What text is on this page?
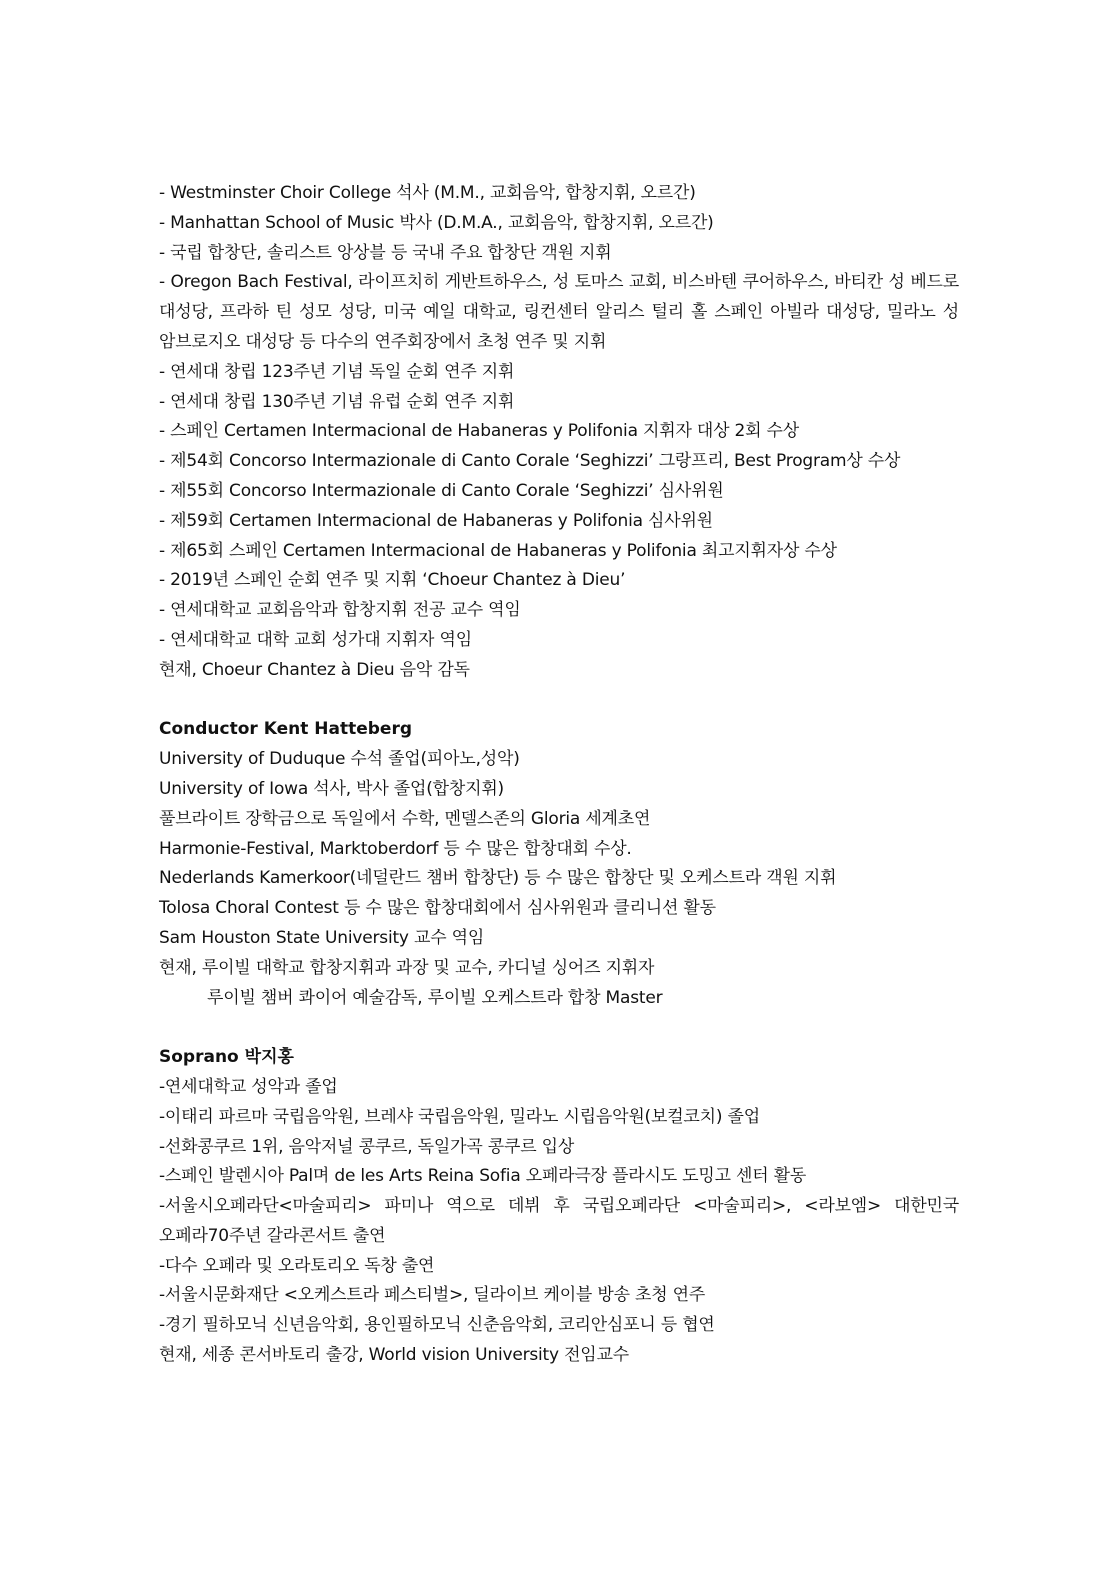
- Westminster Choir College 석사 (M.M., 교회음악, 합창지휘, 오르간)
- Manhattan School of Music 박사 (D.M.A., 교회음악, 합창지휘, 오르간)
- 국립 합창단, 솔리스트 앙상블 등 국내 주요 합창단 객원 지휘
- Oregon Bach Festival, 라이프치히 게반트하우스, 성 토마스 교회, 비스바텐 쿠어하우스, 바티칸 성 베드로 대성당, 프라하 틴 성모 성당, 미국 예일 대학교, 링컨센터 알리스 털리 홀 스페인 아빌라 대성당, 밀라노 성 암브로지오 대성당 등 다수의 연주회장에서 초청 연주 및 지휘
- 연세대 창립 123주년 기념 독일 순회 연주 지휘
- 연세대 창립 130주년 기념 유럽 순회 연주 지휘
- 스페인 Certamen Intermacional de Habaneras y Polifonia 지휘자 대상 2회 수상
- 제54회 Concorso Intermazionale di Canto Corale ‘Seghizzi’ 그랑프리, Best Program상 수상
- 제55회 Concorso Intermazionale di Canto Corale ‘Seghizzi’ 심사위원
- 제59회 Certamen Intermacional de Habaneras y Polifonia 심사위원
- 제65회 스페인 Certamen Intermacional de Habaneras y Polifonia 최고지휘자상 수상
- 2019년 스페인 순회 연주 및 지휘 ‘Choeur Chantez à Dieu’
- 연세대학교 교회음악과 합창지휘 전공 교수 역임
- 연세대학교 대학 교회 성가대 지휘자 역임
현재, Choeur Chantez à Dieu 음악 감독
Conductor Kent Hatteberg
University of Duduque 수석 졸업(피아노,성악)
University of Iowa 석사, 박사 졸업(합창지휘)
풀브라이트 장학금으로 독일에서 수학, 멘델스존의 Gloria 세계초연
Harmonie-Festival, Marktoberdorf 등 수 많은 합창대회 수상.
Nederlands Kamerkoor(네덜란드 챔버 합창단) 등 수 많은 합창단 및 오케스트라 객원 지휘
Tolosa Choral Contest 등 수 많은 합창대회에서 심사위원과 클리니션 활동
Sam Houston State University 교수 역임
현재, 루이빌 대학교 합창지휘과 과장 및 교수, 카디널 싱어즈 지휘자
루이빌 챔버 콰이어 예술감독, 루이빌 오케스트라 합창 Master
Soprano 박지홍
-연세대학교 성악과 졸업
-이태리 파르마 국립음악원, 브레샤 국립음악원, 밀라노 시립음악원(보컬코치) 졸업
-선화콩쿠르 1위, 음악저널 콩쿠르, 독일가곡 콩쿠르 입상
-스페인 발렌시아 Pal며 de les Arts Reina Sofia 오페라극장 플라시도 도밍고 센터 활동
-서울시오페라단<마술피리> 파미나 역으로 데뷔 후 국립오페라단 <마술피리>, <라보엠> 대한민국 오페라70주년 갈라콘서트 출연
-다수 오페라 및 오라토리오 독창 출연
-서울시문화재단 <오케스트라 페스티벌>, 딜라이브 케이블 방송 초청 연주
-경기 필하모닉 신년음악회, 용인필하모닉 신춘음악회, 코리안심포니 등 협연
현재, 세종 콘서바토리 출강, World vision University 전임교수
